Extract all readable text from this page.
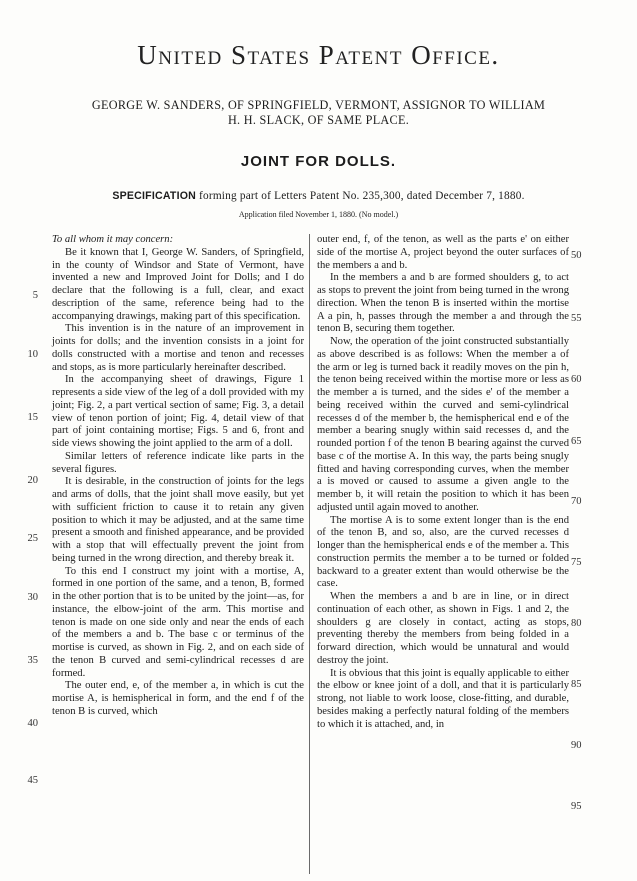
United States Patent Office.
GEORGE W. SANDERS, OF SPRINGFIELD, VERMONT, ASSIGNOR TO WILLIAM
H. H. SLACK, OF SAME PLACE.
JOINT FOR DOLLS.
SPECIFICATION forming part of Letters Patent No. 235,300, dated December 7, 1880.
Application filed November 1, 1880. (No model.)

To all whom it may concern:

Be it known that I, George W. Sanders, of Springfield, in the county of Windsor and State of Vermont, have invented a new and Improved Joint for Dolls; and I do declare that the following is a full, clear, and exact description of the same, reference being had to the accompanying drawings, making part of this specification.

This invention is in the nature of an improvement in joints for dolls; and the invention consists in a joint for dolls constructed with a mortise and tenon and recesses and stops, as is more particularly hereinafter described.

In the accompanying sheet of drawings, Figure 1 represents a side view of the leg of a doll provided with my joint; Fig. 2, a part vertical section of same; Fig. 3, a detail view of tenon portion of joint; Fig. 4, detail view of that part of joint containing mortise; Figs. 5 and 6, front and side views showing the joint applied to the arm of a doll.

Similar letters of reference indicate like parts in the several figures.

It is desirable, in the construction of joints for the legs and arms of dolls, that the joint shall move easily, but yet with sufficient friction to cause it to retain any given position to which it may be adjusted, and at the same time present a smooth and finished appearance, and be provided with a stop that will effectually prevent the joint from being turned in the wrong direction, and thereby break it.

To this end I construct my joint with a mortise, A, formed in one portion of the same, and a tenon, B, formed in the other portion that is to be united by the joint—as, for instance, the elbow-joint of the arm. This mortise and tenon is made on one side only and near the ends of each of the members a and b. The base c or terminus of the mortise is curved, as shown in Fig. 2, and on each side of the tenon B curved and semi-cylindrical recesses d are formed.

The outer end, e, of the member a, in which is cut the mortise A, is hemispherical in form, and the end f of the tenon B is curved, which

outer end, f, of the tenon, as well as the parts e' on either side of the mortise A, project beyond the outer surfaces of the members a and b.

In the members a and b are formed shoulders g, to act as stops to prevent the joint from being turned in the wrong direction. When the tenon B is inserted within the mortise A a pin, h, passes through the member a and through the tenon B, securing them together.

Now, the operation of the joint constructed substantially as above described is as follows: When the member a of the arm or leg is turned back it readily moves on the pin h, the tenon being received within the mortise more or less as the member a is turned, and the sides e' of the member a being received within the curved and semi-cylindrical recesses d of the member b, the hemispherical end e of the member a bearing snugly within said recesses d, and the rounded portion f of the tenon B bearing against the curved base c of the mortise A. In this way, the parts being snugly fitted and having corresponding curves, when the member a is moved or caused to assume a given angle to the member b, it will retain the position to which it has been adjusted until again moved to another.

The mortise A is to some extent longer than is the end of the tenon B, and so, also, are the curved recesses d longer than the hemispherical ends e of the member a. This construction permits the member a to be turned or folded backward to a greater extent than would otherwise be the case.

When the members a and b are in line, or in direct continuation of each other, as shown in Figs. 1 and 2, the shoulders g are closely in contact, acting as stops, preventing thereby the members from being folded in a forward direction, which would be unnatural and would destroy the joint.

It is obvious that this joint is equally applicable to either the elbow or knee joint of a doll, and that it is particularly strong, not liable to work loose, close-fitting, and durable, besides making a perfectly natural folding of the members to which it is attached, and, in

5
10
15
20
25
30
35
40
45
50
55
60
65
70
75
80
85
90
95
